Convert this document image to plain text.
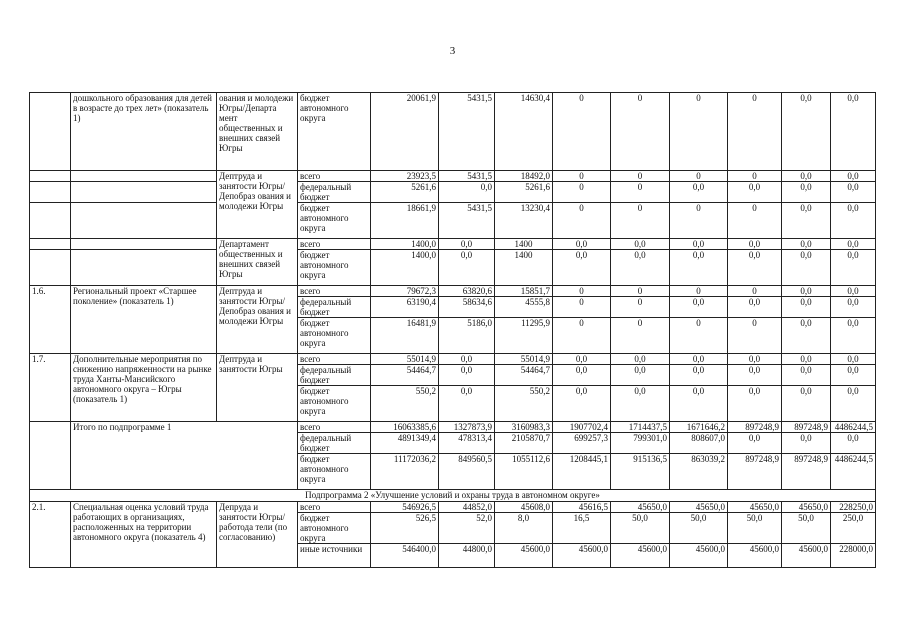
3
	дошкольного образования для детей в возрасте до трех лет» (показатель 1)	ования и молодежи Югры/Департа мент общественных и внешних связей Югры	бюджет автономного округа	20061,9	5431,5	14630,4	0	0	0	0	0,0	0,0
		Дептруда и занятости Югры/Депобраз ования и молодежи Югры	всего	23923,5	5431,5	18492,0	0	0	0	0	0,0	0,0
			федеральный бюджет	5261,6	0,0	5261,6	0	0	0,0	0,0	0,0	0,0
			бюджет автономного округа	18661,9	5431,5	13230,4	0	0	0	0	0,0	0,0
		Департамент общественных и внешних связей Югры	всего	1400,0	0,0	1400	0,0	0,0	0,0	0,0	0,0	0,0
			бюджет автономного округа	1400,0	0,0	1400	0,0	0,0	0,0	0,0	0,0	0,0
1.6.	Региональный проект «Старшее поколение» (показатель 1)	Дептруда и занятости Югры/Депобраз ования и молодежи Югры	всего	79672,3	63820,6	15851,7	0	0	0	0	0,0	0,0
			федеральный бюджет	63190,4	58634,6	4555,8	0	0	0,0	0,0	0,0	0,0
			бюджет автономного округа	16481,9	5186,0	11295,9	0	0	0	0	0,0	0,0
1.7.	Дополнительные мероприятия по снижению напряженности на рынке труда Ханты-Мансийского автономного округа – Югры (показатель 1)	Дептруда и занятости Югры	всего	55014,9	0,0	55014,9	0,0	0,0	0,0	0,0	0,0	0,0
			федеральный бюджет	54464,7	0,0	54464,7	0,0	0,0	0,0	0,0	0,0	0,0
			бюджет автономного округа	550,2	0,0	550,2	0,0	0,0	0,0	0,0	0,0	0,0
	Итого по подпрограмме 1		всего	16063385,6	1327873,9	3160983,3	1907702,4	1714437,5	1671646,2	897248,9	897248,9	4486244,5
			федеральный бюджет	4891349,4	478313,4	2105870,7	699257,3	799301,0	808607,0	0,0	0,0	0,0
			бюджет автономного округа	11172036,2	849560,5	1055112,6	1208445,1	915136,5	863039,2	897248,9	897248,9	4486244,5
Подпрограмма 2 «Улучшение условий и охраны труда в автономном округе»												
2.1.	Специальная оценка условий труда работающих в организациях, расположенных на территории автономного округа (показатель 4)	Депруда и занятости Югры/работода тели (по согласованию)	всего	546926,5	44852,0	45608,0	45616,5	45650,0	45650,0	45650,0	45650,0	228250,0
			бюджет автономного округа	526,5	52,0	8,0	16,5	50,0	50,0	50,0	50,0	250,0
			иные источники	546400,0	44800,0	45600,0	45600,0	45600,0	45600,0	45600,0	45600,0	228000,0
